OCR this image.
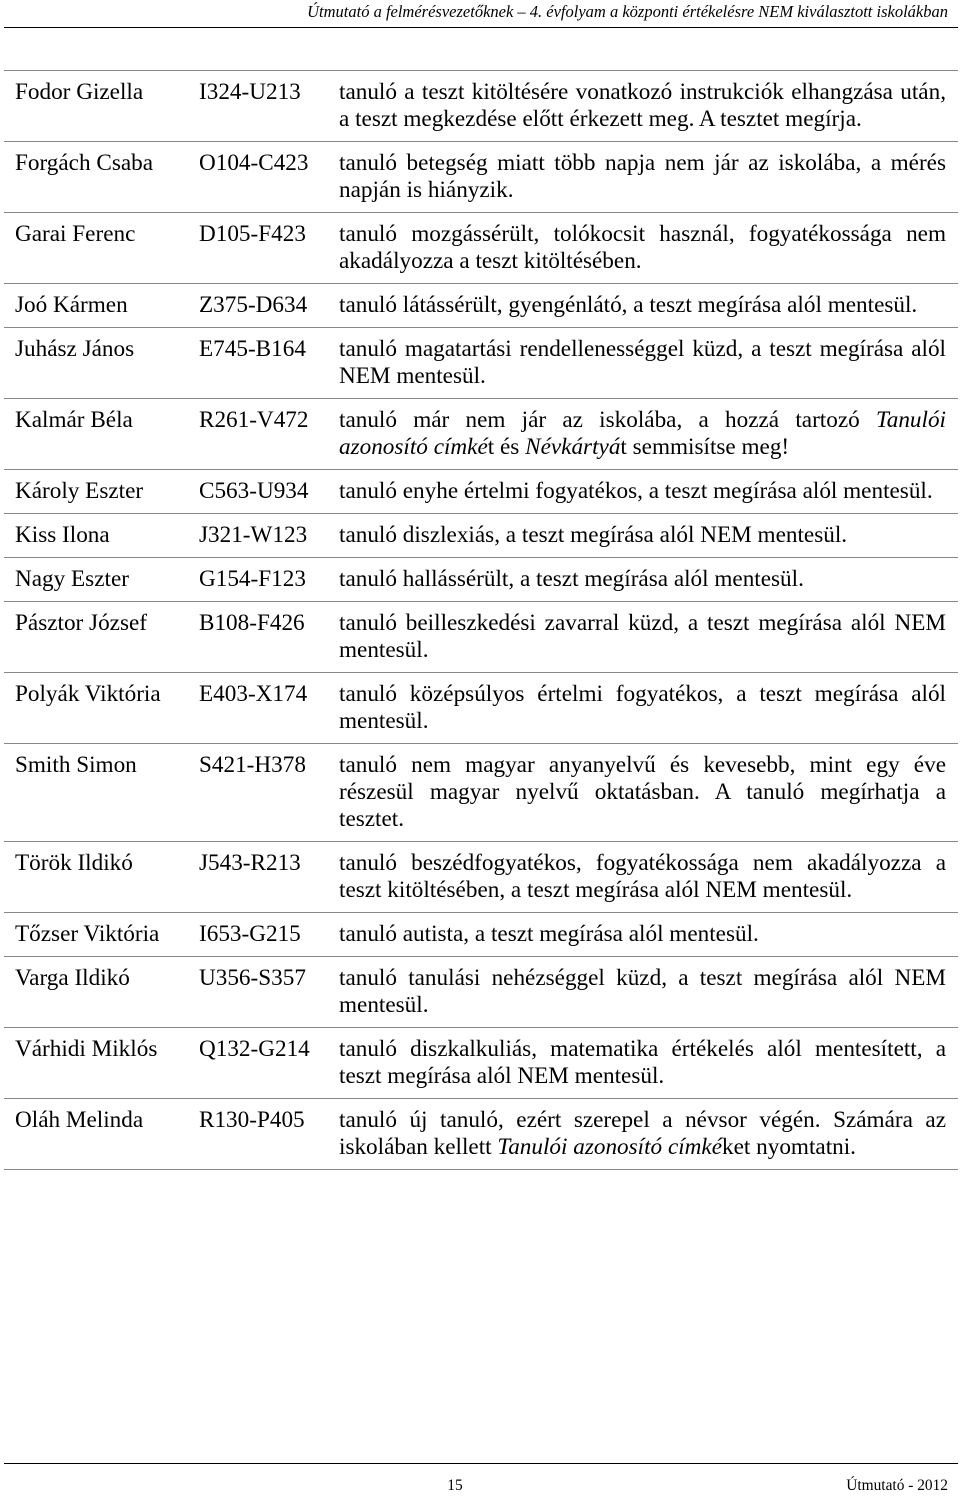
Útmutató a felmérésvezetőknek – 4. évfolyam a központi értékelésre NEM kiválasztott iskolákban
Fodor Gizella	I324-U213	tanuló a teszt kitöltésére vonatkozó instrukciók elhangzása után,
a teszt megkezdése előtt érkezett meg. A tesztet megírja.
Forgách Csaba	O104-C423	tanuló betegség miatt több napja nem jár az iskolába, a mérés
napján is hiányzik.
Garai Ferenc	D105-F423	tanuló mozgássérült, tolókocsit használ, fogyatékossága nem
akadályozza a teszt kitöltésében.
Joó Kármen	Z375-D634	tanuló látássérült, gyengénlátó, a teszt megírása alól mentesül.
Juhász János	E745-B164	tanuló magatartási rendellenességgel küzd, a teszt megírása alól
NEM mentesül.
Kalmár Béla	R261-V472	tanuló már nem jár az iskolába, a hozzá tartozó Tanulói
azonosító címkét és Névkártyát semmisítse meg!
Károly Eszter	C563-U934	tanuló enyhe értelmi fogyatékos, a teszt megírása alól mentesül.
Kiss Ilona	J321-W123	tanuló diszlexiás, a teszt megírása alól NEM mentesül.
Nagy Eszter	G154-F123	tanuló hallássérült, a teszt megírása alól mentesül.
Pásztor József	B108-F426	tanuló beilleszkedési zavarral küzd, a teszt megírása alól NEM
mentesül.
Polyák Viktória	E403-X174	tanuló középsúlyos értelmi fogyatékos, a teszt megírása alól
mentesül.
Smith Simon	S421-H378	tanuló nem magyar anyanyelvű és kevesebb, mint egy éve
részesül magyar nyelvű oktatásban. A tanuló megírhatja a
tesztet.
Török Ildikó	J543-R213	tanuló beszédfogyatékos, fogyatékossága nem akadályozza a
teszt kitöltésében, a teszt megírása alól NEM mentesül.
Tőzser Viktória	I653-G215	tanuló autista, a teszt megírása alól mentesül.
Varga Ildikó	U356-S357	tanuló tanulási nehézséggel küzd, a teszt megírása alól NEM
mentesül.
Várhidi Miklós	Q132-G214	tanuló diszkalkuliás, matematika értékelés alól mentesített, a
teszt megírása alól NEM mentesül.
Oláh Melinda	R130-P405	tanuló új tanuló, ezért szerepel a névsor végén. Számára az
iskolában kellett Tanulói azonosító címkéket nyomtatni.
15	Útmutató - 2012
